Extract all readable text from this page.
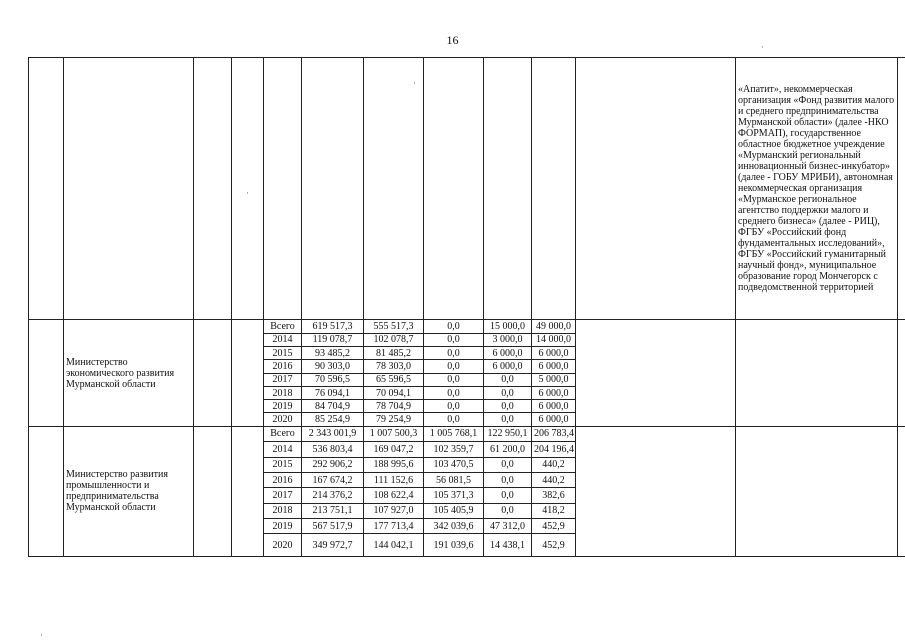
16
·
·
·
·
											«Апатит», некоммерческая организация «Фонд развития малого и среднего предпринимательства Мурманской области» (далее -НКО ФОРМАП), государственное областное бюджетное учреждение «Мурманский региональный инновационный бизнес-инкубатор» (далее - ГОБУ МРИБИ), автономная некоммерческая организация «Мурманское региональное агентство поддержки малого и среднего бизнеса» (далее - РИЦ), ФГБУ «Российский фонд фундаментальных исследований», ФГБУ «Российский гуманитарный научный фонд», муниципальное образование город Мончегорск с подведомственной территорией	
	Министерство экономического развития Мурманской области			Всего	619 517,3	555 517,3	0,0	15 000,0	49 000,0			
				2014	119 078,7	102 078,7	0,0	3 000,0	14 000,0			
				2015	93 485,2	81 485,2	0,0	6 000,0	6 000,0			
				2016	90 303,0	78 303,0	0,0	6 000,0	6 000,0			
				2017	70 596,5	65 596,5	0,0	0,0	5 000,0			
				2018	76 094,1	70 094,1	0,0	0,0	6 000,0			
				2019	84 704,9	78 704,9	0,0	0,0	6 000,0			
				2020	85 254,9	79 254,9	0,0	0,0	6 000,0			
	Министерство развития промышленности и предпринимательства Мурманской области			Всего	2 343 001,9	1 007 500,3	1 005 768,1	122 950,1	206 783,4			
				2014	536 803,4	169 047,2	102 359,7	61 200,0	204 196,4			
				2015	292 906,2	188 995,6	103 470,5	0,0	440,2			
				2016	167 674,2	111 152,6	56 081,5	0,0	440,2			
				2017	214 376,2	108 622,4	105 371,3	0,0	382,6			
				2018	213 751,1	107 927,0	105 405,9	0,0	418,2			
				2019	567 517,9	177 713,4	342 039,6	47 312,0	452,9			
				2020	349 972,7	144 042,1	191 039,6	14 438,1	452,9			
